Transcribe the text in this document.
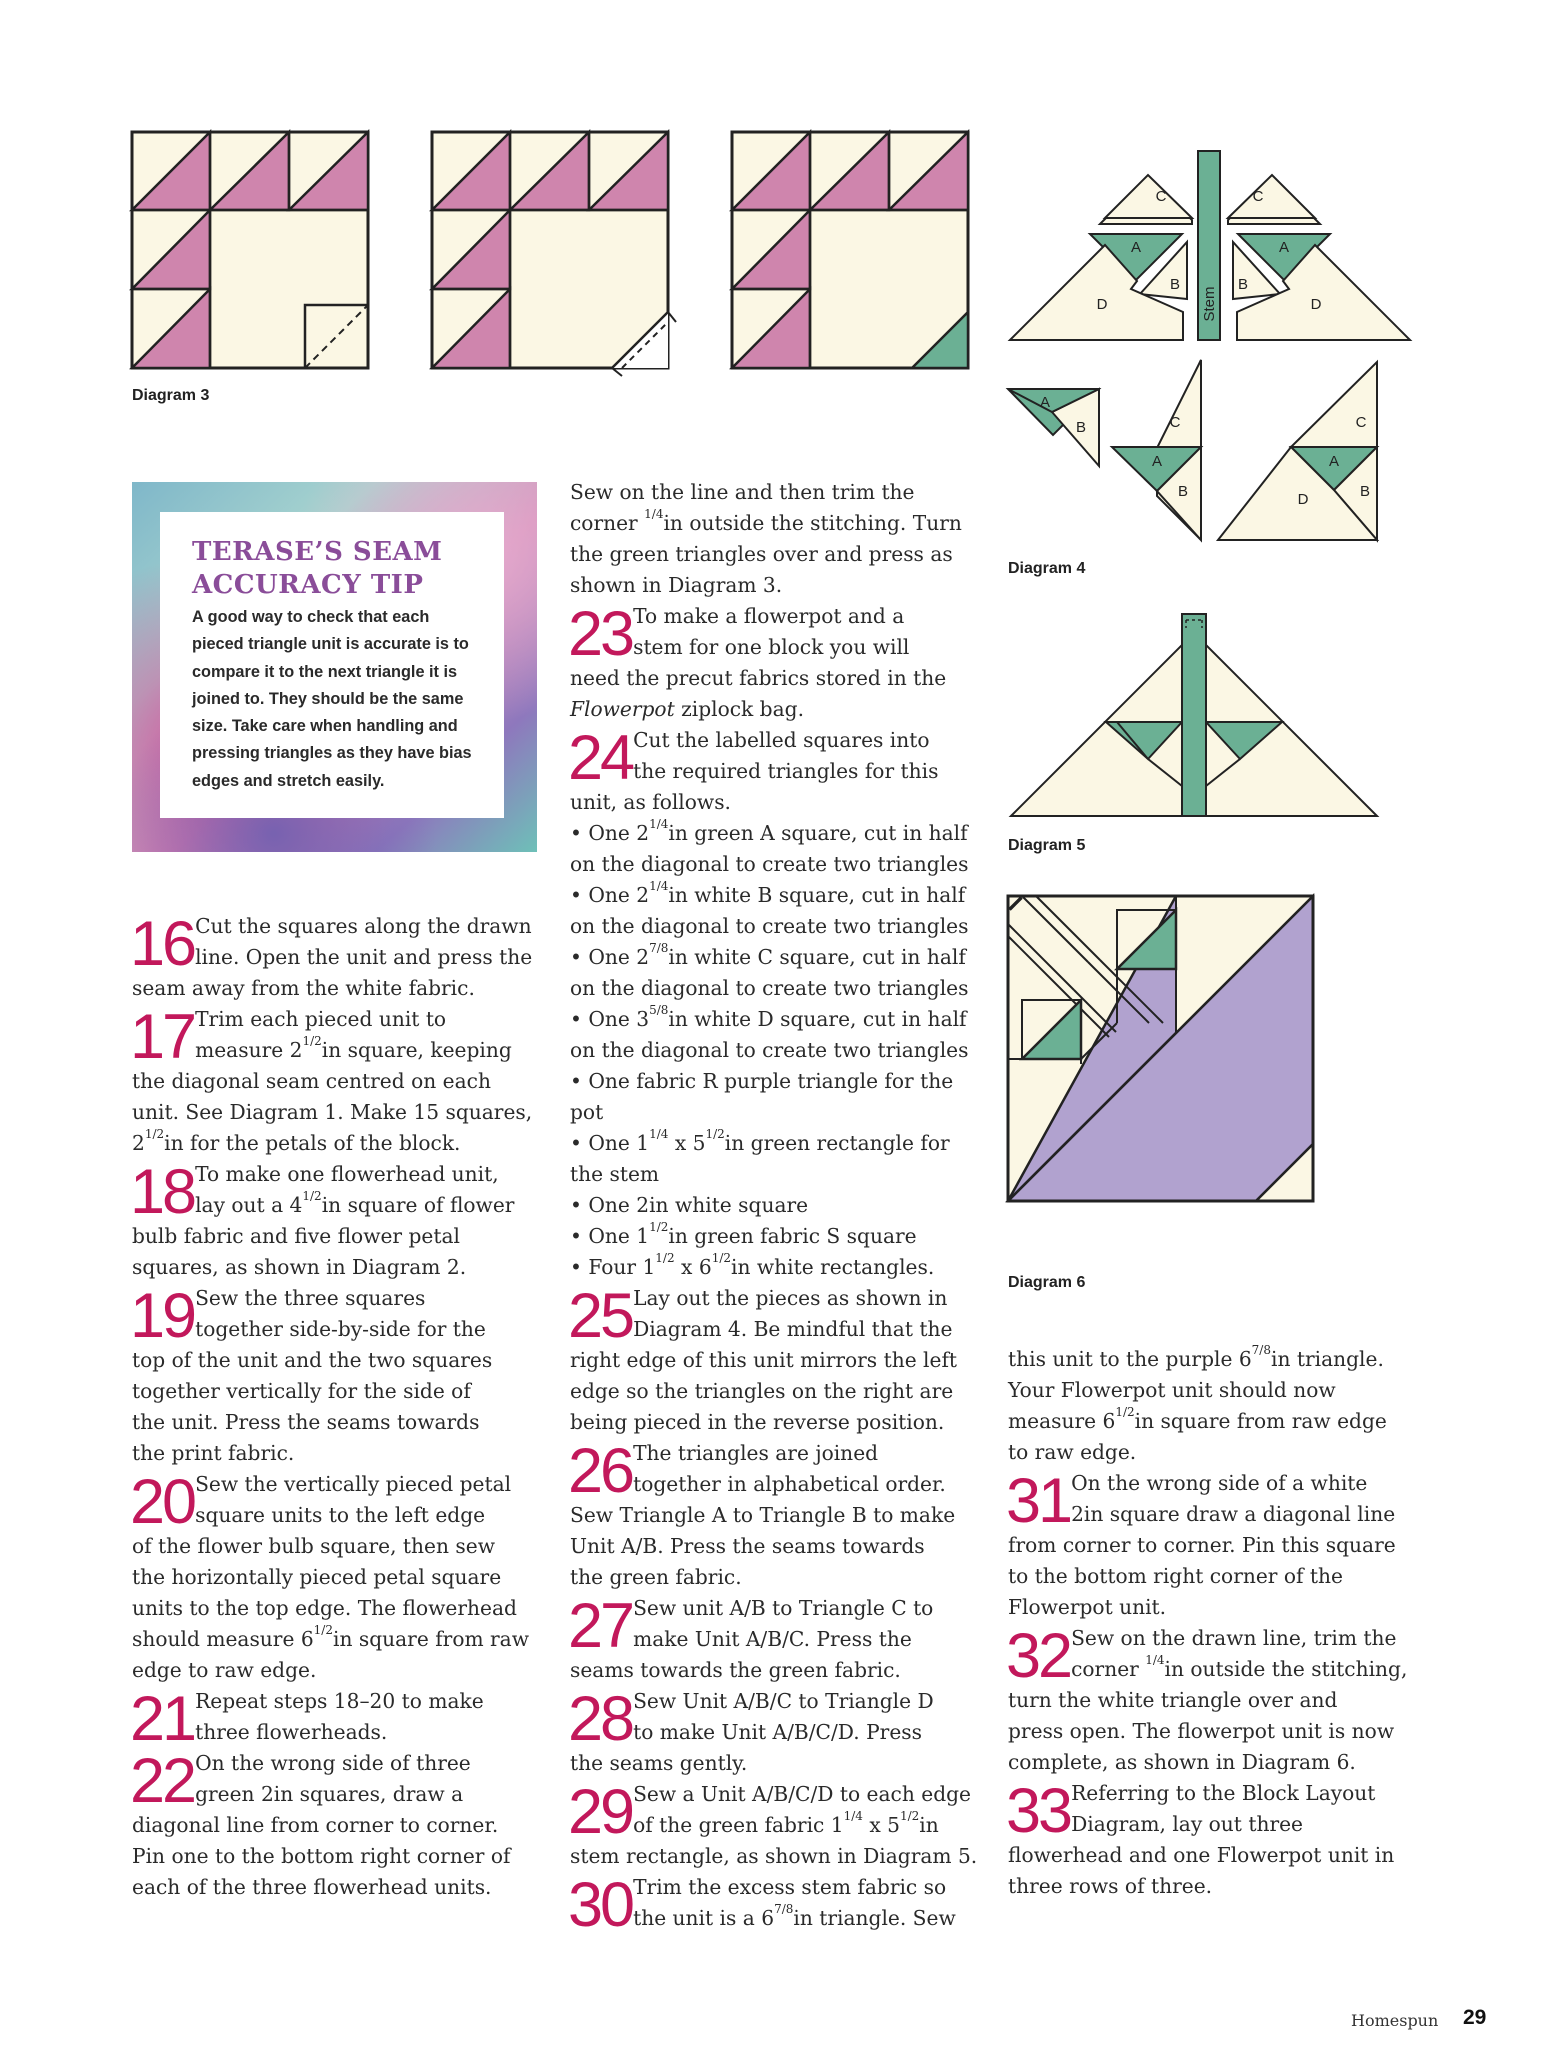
Diagram 3
C	C
A	A
B	B
D	D
Stem
A
B	C
A
B
C
A
B
D
Diagram 4
Diagram 5
Diagram 6
TERASE’S SEAM
ACCURACY TIP
A good way to check that each
pieced triangle unit is accurate is to
compare it to the next triangle it is
joined to. They should be the same
size. Take care when handling and
pressing triangles as they have bias
edges and stretch easily.
16 Cut the squares along the drawn
line. Open the unit and press the
seam away from the white fabric.
17 Trim each pieced unit to
measure $2^{1/2}in$ square, keeping
the diagonal seam centred on each
unit. See Diagram 1. Make 15 squares,
$2^{1/2}in$ for the petals of the block.
18 To make one flowerhead unit,
lay out a $4^{1/2}in$ square of flower
bulb fabric and five flower petal
squares, as shown in Diagram 2.
19 Sew the three squares
together side-by-side for the
top of the unit and the two squares
together vertically for the side of
the unit. Press the seams towards
the print fabric.
20 Sew the vertically pieced petal
square units to the left edge
of the flower bulb square, then sew
the horizontally pieced petal square
units to the top edge. The flowerhead
should measure $6^{1/2}in$ square from raw
edge to raw edge.
21 Repeat steps 18–20 to make
three flowerheads.
22 On the wrong side of three
green 2in squares, draw a
diagonal line from corner to corner.
Pin one to the bottom right corner of
each of the three flowerhead units.
Sew on the line and then trim the
corner $^{1/4}$in outside the stitching. Turn
the green triangles over and press as
shown in Diagram 3.
23 To make a flowerpot and a
stem for one block you will
need the precut fabrics stored in the
Flowerpot ziplock bag.
24 Cut the labelled squares into
the required triangles for this
unit, as follows.
• One $2^{1/4}in$ green A square, cut in half
on the diagonal to create two triangles
• One $2^{1/4}in$ white B square, cut in half
on the diagonal to create two triangles
• One $2^{7/8}in$ white C square, cut in half
on the diagonal to create two triangles
• One $3^{5/8}in$ white D square, cut in half
on the diagonal to create two triangles
• One fabric R purple triangle for the pot
• One $1^{1/4}$ x $5^{1/2}in$ green rectangle for
the stem
• One 2in white square
• One $1^{1/2}in$ green fabric S square
• Four $1^{1/2}$ x $6^{1/2}in$ white rectangles.
25 Lay out the pieces as shown in
Diagram 4. Be mindful that the
right edge of this unit mirrors the left
edge so the triangles on the right are
being pieced in the reverse position.
26 The triangles are joined
together in alphabetical order.
Sew Triangle A to Triangle B to make
Unit A/B. Press the seams towards
the green fabric.
27 Sew unit A/B to Triangle C to
make Unit A/B/C. Press the
seams towards the green fabric.
28 Sew Unit A/B/C to Triangle D
to make Unit A/B/C/D. Press
the seams gently.
29 Sew a Unit A/B/C/D to each edge
of the green fabric $1^{1/4}$ x $5^{1/2}in$
stem rectangle, as shown in Diagram 5.
30 Trim the excess stem fabric so
the unit is a $6^{7/8}in$ triangle. Sew
this unit to the purple $6^{7/8}in$ triangle.
Your Flowerpot unit should now
measure $6^{1/2}in$ square from raw edge
to raw edge.
31 On the wrong side of a white
2in square draw a diagonal line
from corner to corner. Pin this square
to the bottom right corner of the
Flowerpot unit.
32 Sew on the drawn line, trim the
corner $^{1/4}$in outside the stitching,
turn the white triangle over and
press open. The flowerpot unit is now
complete, as shown in Diagram 6.
33 Referring to the Block Layout
Diagram, lay out three
flowerhead and one Flowerpot unit in
three rows of three.
Homespun 29
